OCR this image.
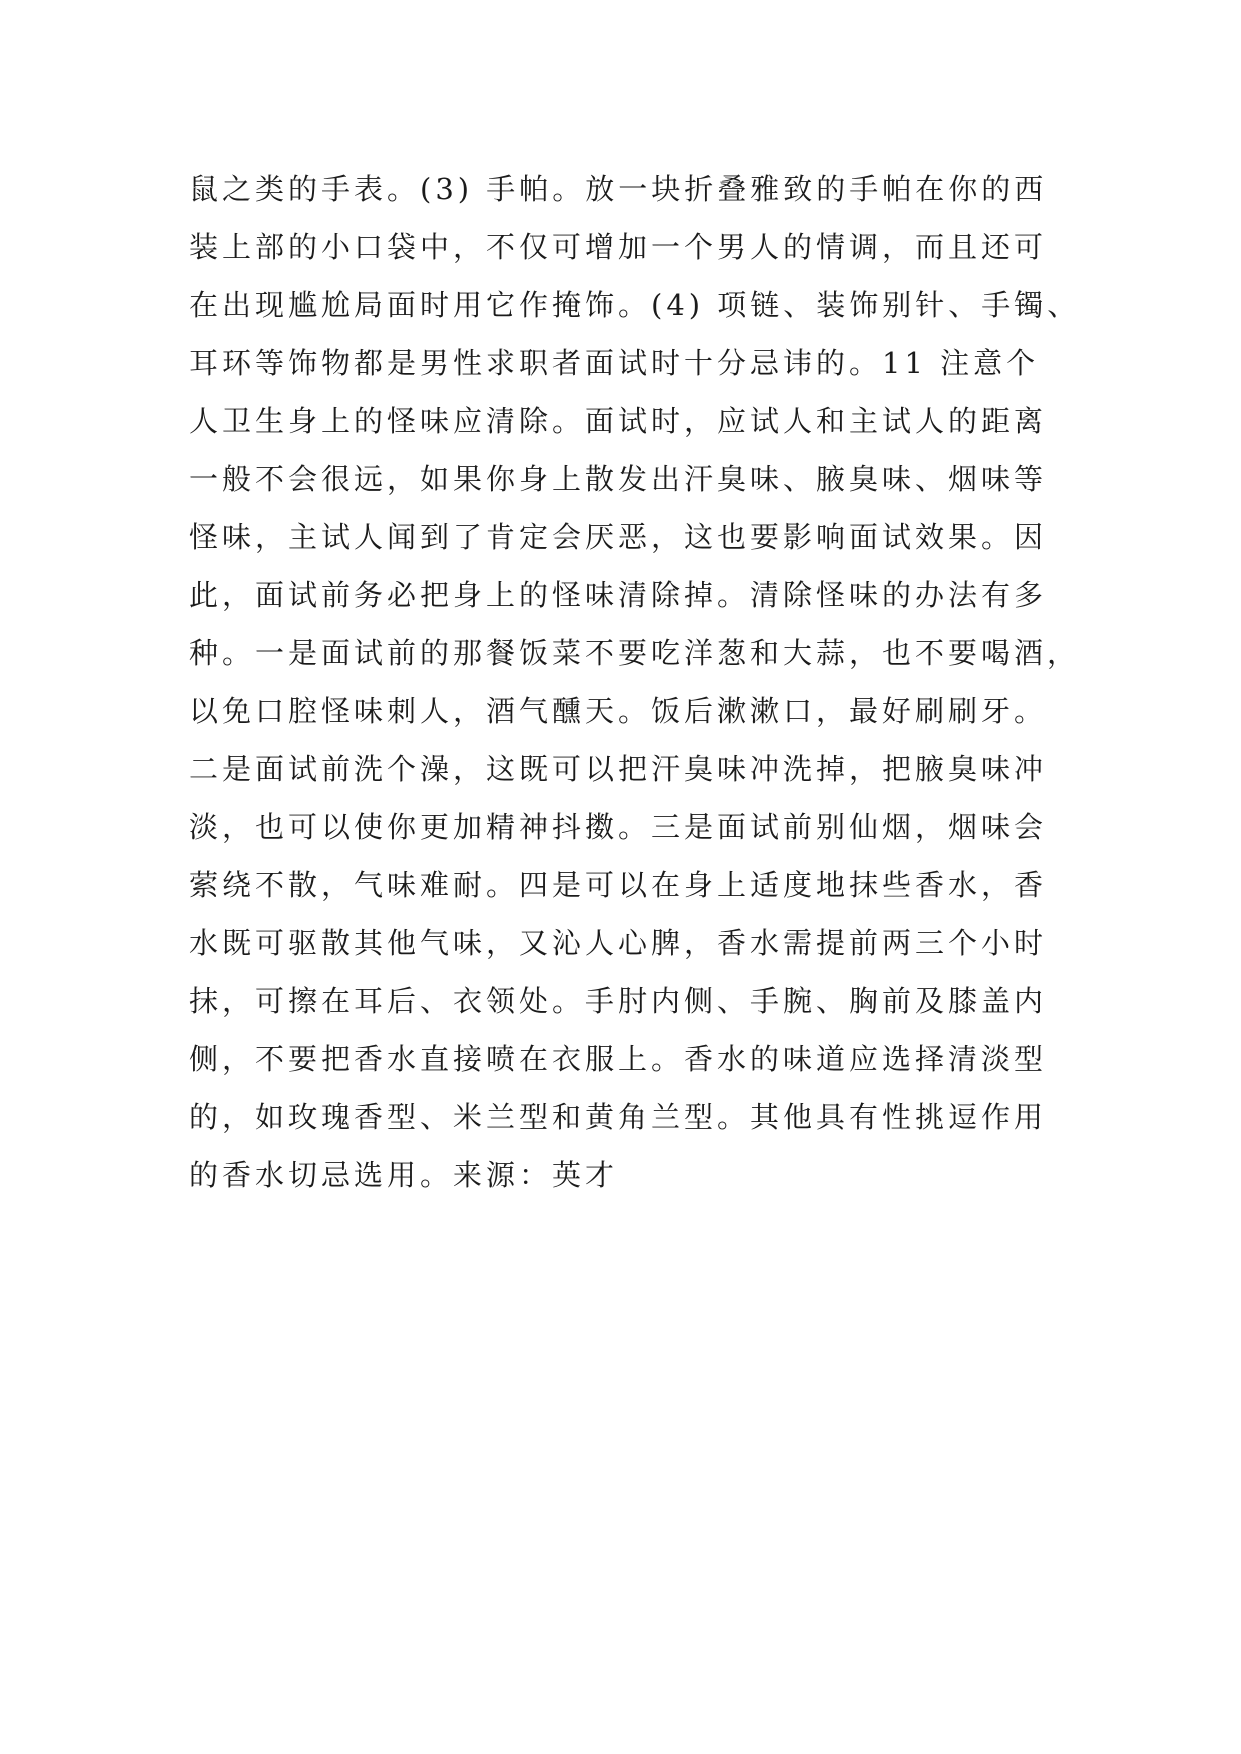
鼠之类的手表。(3) 手帕。放一块折叠雅致的手帕在你的西
装上部的小口袋中，不仅可增加一个男人的情调，而且还可
在出现尴尬局面时用它作掩饰。(4) 项链、装饰别针、手镯、
耳环等饰物都是男性求职者面试时十分忌讳的。11 注意个
人卫生身上的怪味应清除。面试时，应试人和主试人的距离
一般不会很远，如果你身上散发出汗臭味、腋臭味、烟味等
怪味，主试人闻到了肯定会厌恶，这也要影响面试效果。因
此，面试前务必把身上的怪味清除掉。清除怪味的办法有多
种。一是面试前的那餐饭菜不要吃洋葱和大蒜，也不要喝酒，
以免口腔怪味刺人，酒气醺天。饭后漱漱口，最好刷刷牙。
二是面试前洗个澡，这既可以把汗臭味冲洗掉，把腋臭味冲
淡，也可以使你更加精神抖擞。三是面试前别仙烟，烟味会
萦绕不散，气味难耐。四是可以在身上适度地抹些香水，香
水既可驱散其他气味，又沁人心脾，香水需提前两三个小时
抹，可擦在耳后、衣领处。手肘内侧、手腕、胸前及膝盖内
侧，不要把香水直接喷在衣服上。香水的味道应选择清淡型
的，如玫瑰香型、米兰型和黄角兰型。其他具有性挑逗作用
的香水切忌选用。来源：英才
